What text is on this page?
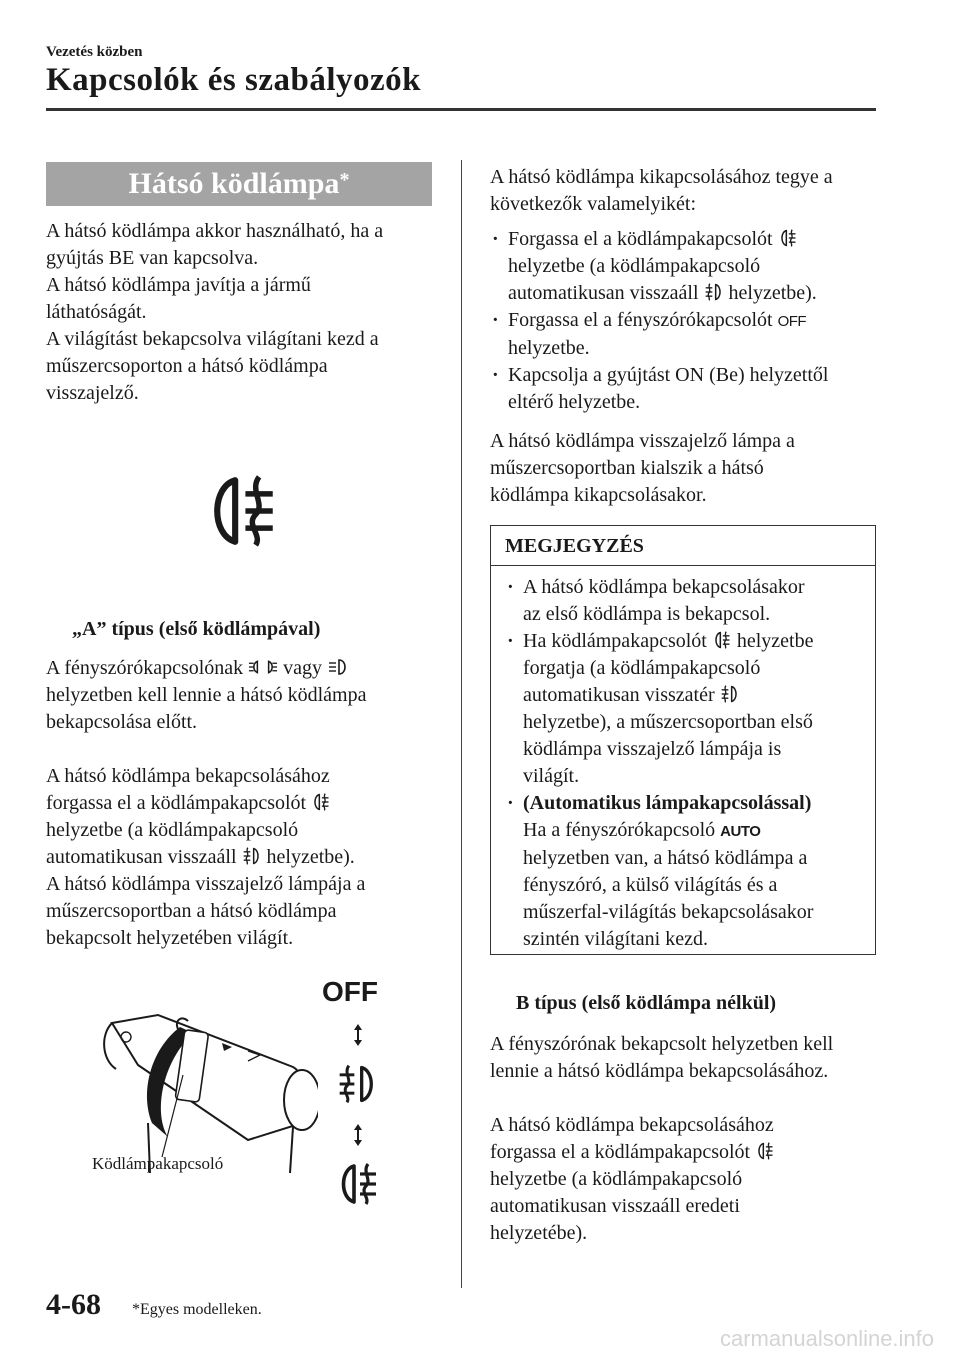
Vezetés közben
Kapcsolók és szabályozók
Hátsó ködlámpa*
A hátsó ködlámpa akkor használható, ha a
gyújtás BE van kapcsolva.
A hátsó ködlámpa javítja a jármű
láthatóságát.
A világítást bekapcsolva világítani kezd a
műszercsoporton a hátsó ködlámpa
visszajelző.
„A” típus (első ködlámpával)
A fényszórókapcsolónak vagy
helyzetben kell lennie a hátsó ködlámpa
bekapcsolása előtt.
A hátsó ködlámpa bekapcsolásához
forgassa el a ködlámpakapcsolót
helyzetbe (a ködlámpakapcsoló
automatikusan visszaáll helyzetbe).
A hátsó ködlámpa visszajelző lámpája a
műszercsoportban a hátsó ködlámpa
bekapcsolt helyzetében világít.
OFF
Ködlámpakapcsoló
A hátsó ködlámpa kikapcsolásához tegye a
következők valamelyikét:
· Forgassa el a ködlámpakapcsolót
helyzetbe (a ködlámpakapcsoló
automatikusan visszaáll helyzetbe).
· Forgassa el a fényszórókapcsolót OFF
helyzetbe.
· Kapcsolja a gyújtást ON (Be) helyzettől
eltérő helyzetbe.
A hátsó ködlámpa visszajelző lámpa a
műszercsoportban kialszik a hátsó
ködlámpa kikapcsolásakor.
MEGJEGYZÉS
· A hátsó ködlámpa bekapcsolásakor
az első ködlámpa is bekapcsol.
· Ha ködlámpakapcsolót helyzetbe
forgatja (a ködlámpakapcsoló
automatikusan visszatér
helyzetbe), a műszercsoportban első
ködlámpa visszajelző lámpája is
világít.
· (Automatikus lámpakapcsolással)
Ha a fényszórókapcsoló AUTO
helyzetben van, a hátsó ködlámpa a
fényszóró, a külső világítás és a
műszerfal-világítás bekapcsolásakor
szintén világítani kezd.
B típus (első ködlámpa nélkül)
A fényszórónak bekapcsolt helyzetben kell
lennie a hátsó ködlámpa bekapcsolásához.
A hátsó ködlámpa bekapcsolásához
forgassa el a ködlámpakapcsolót
helyzetbe (a ködlámpakapcsoló
automatikusan visszaáll eredeti
helyzetébe).
4-68 *Egyes modelleken.
carmanualsonline.info
